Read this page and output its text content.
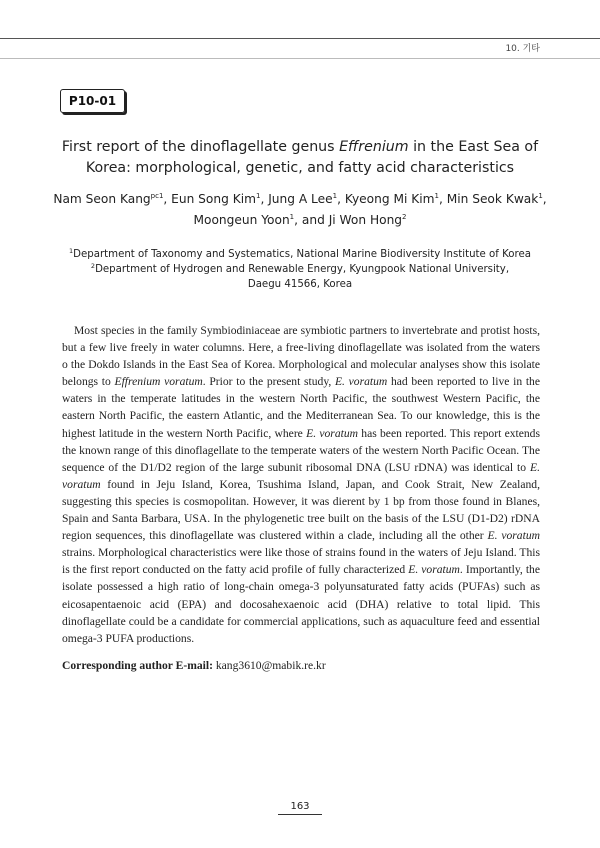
10. 기타
P10-01
First report of the dinoflagellate genus Effrenium in the East Sea of
Korea: morphological, genetic, and fatty acid characteristics
Nam Seon Kang$^{pc1}$, Eun Song Kim$^1$, Jung A Lee$^1$, Kyeong Mi Kim$^1$, Min Seok Kwak$^1$,
Moongeun Yoon$^1$, and Ji Won Hong$^2$
$^1$Department of Taxonomy and Systematics, National Marine Biodiversity Institute of Korea
$^2$Department of Hydrogen and Renewable Energy, Kyungpook National University,
Daegu 41566, Korea

Most species in the family Symbiodiniaceae are symbiotic partners to invertebrate and protist hosts, but a few live freely in water columns. Here, a free-living dinoflagellate was isolated from the waters o the Dokdo Islands in the East Sea of Korea. Morphological and molecular analyses show this isolate belongs to Effrenium voratum. Prior to the present study, E. voratum had been reported to live in the waters in the temperate latitudes in the western North Pacific, the southwest Western Pacific, the eastern North Pacific, the eastern Atlantic, and the Mediterranean Sea. To our knowledge, this is the highest latitude in the western North Pacific, where E. voratum has been reported. This report extends the known range of this dinoflagellate to the temperate waters of the western North Pacific Ocean. The sequence of the D1/D2 region of the large subunit ribosomal DNA (LSU rDNA) was identical to E. voratum found in Jeju Island, Korea, Tsushima Island, Japan, and Cook Strait, New Zealand, suggesting this species is cosmopolitan. However, it was dierent by 1 bp from those found in Blanes, Spain and Santa Barbara, USA. In the phylogenetic tree built on the basis of the LSU (D1-D2) rDNA region sequences, this dinoflagellate was clustered within a clade, including all the other E. voratum strains. Morphological characteristics were like those of strains found in the waters of Jeju Island. This is the first report conducted on the fatty acid profile of fully characterized E. voratum. Importantly, the isolate possessed a high ratio of long-chain omega-3 polyunsaturated fatty acids (PUFAs) such as eicosapentaenoic acid (EPA) and docosahexaenoic acid (DHA) relative to total lipid. This dinoflagellate could be a candidate for commercial applications, such as aquaculture feed and essential omega-3 PUFA productions.

Corresponding author E-mail: kang3610@mabik.re.kr
163
